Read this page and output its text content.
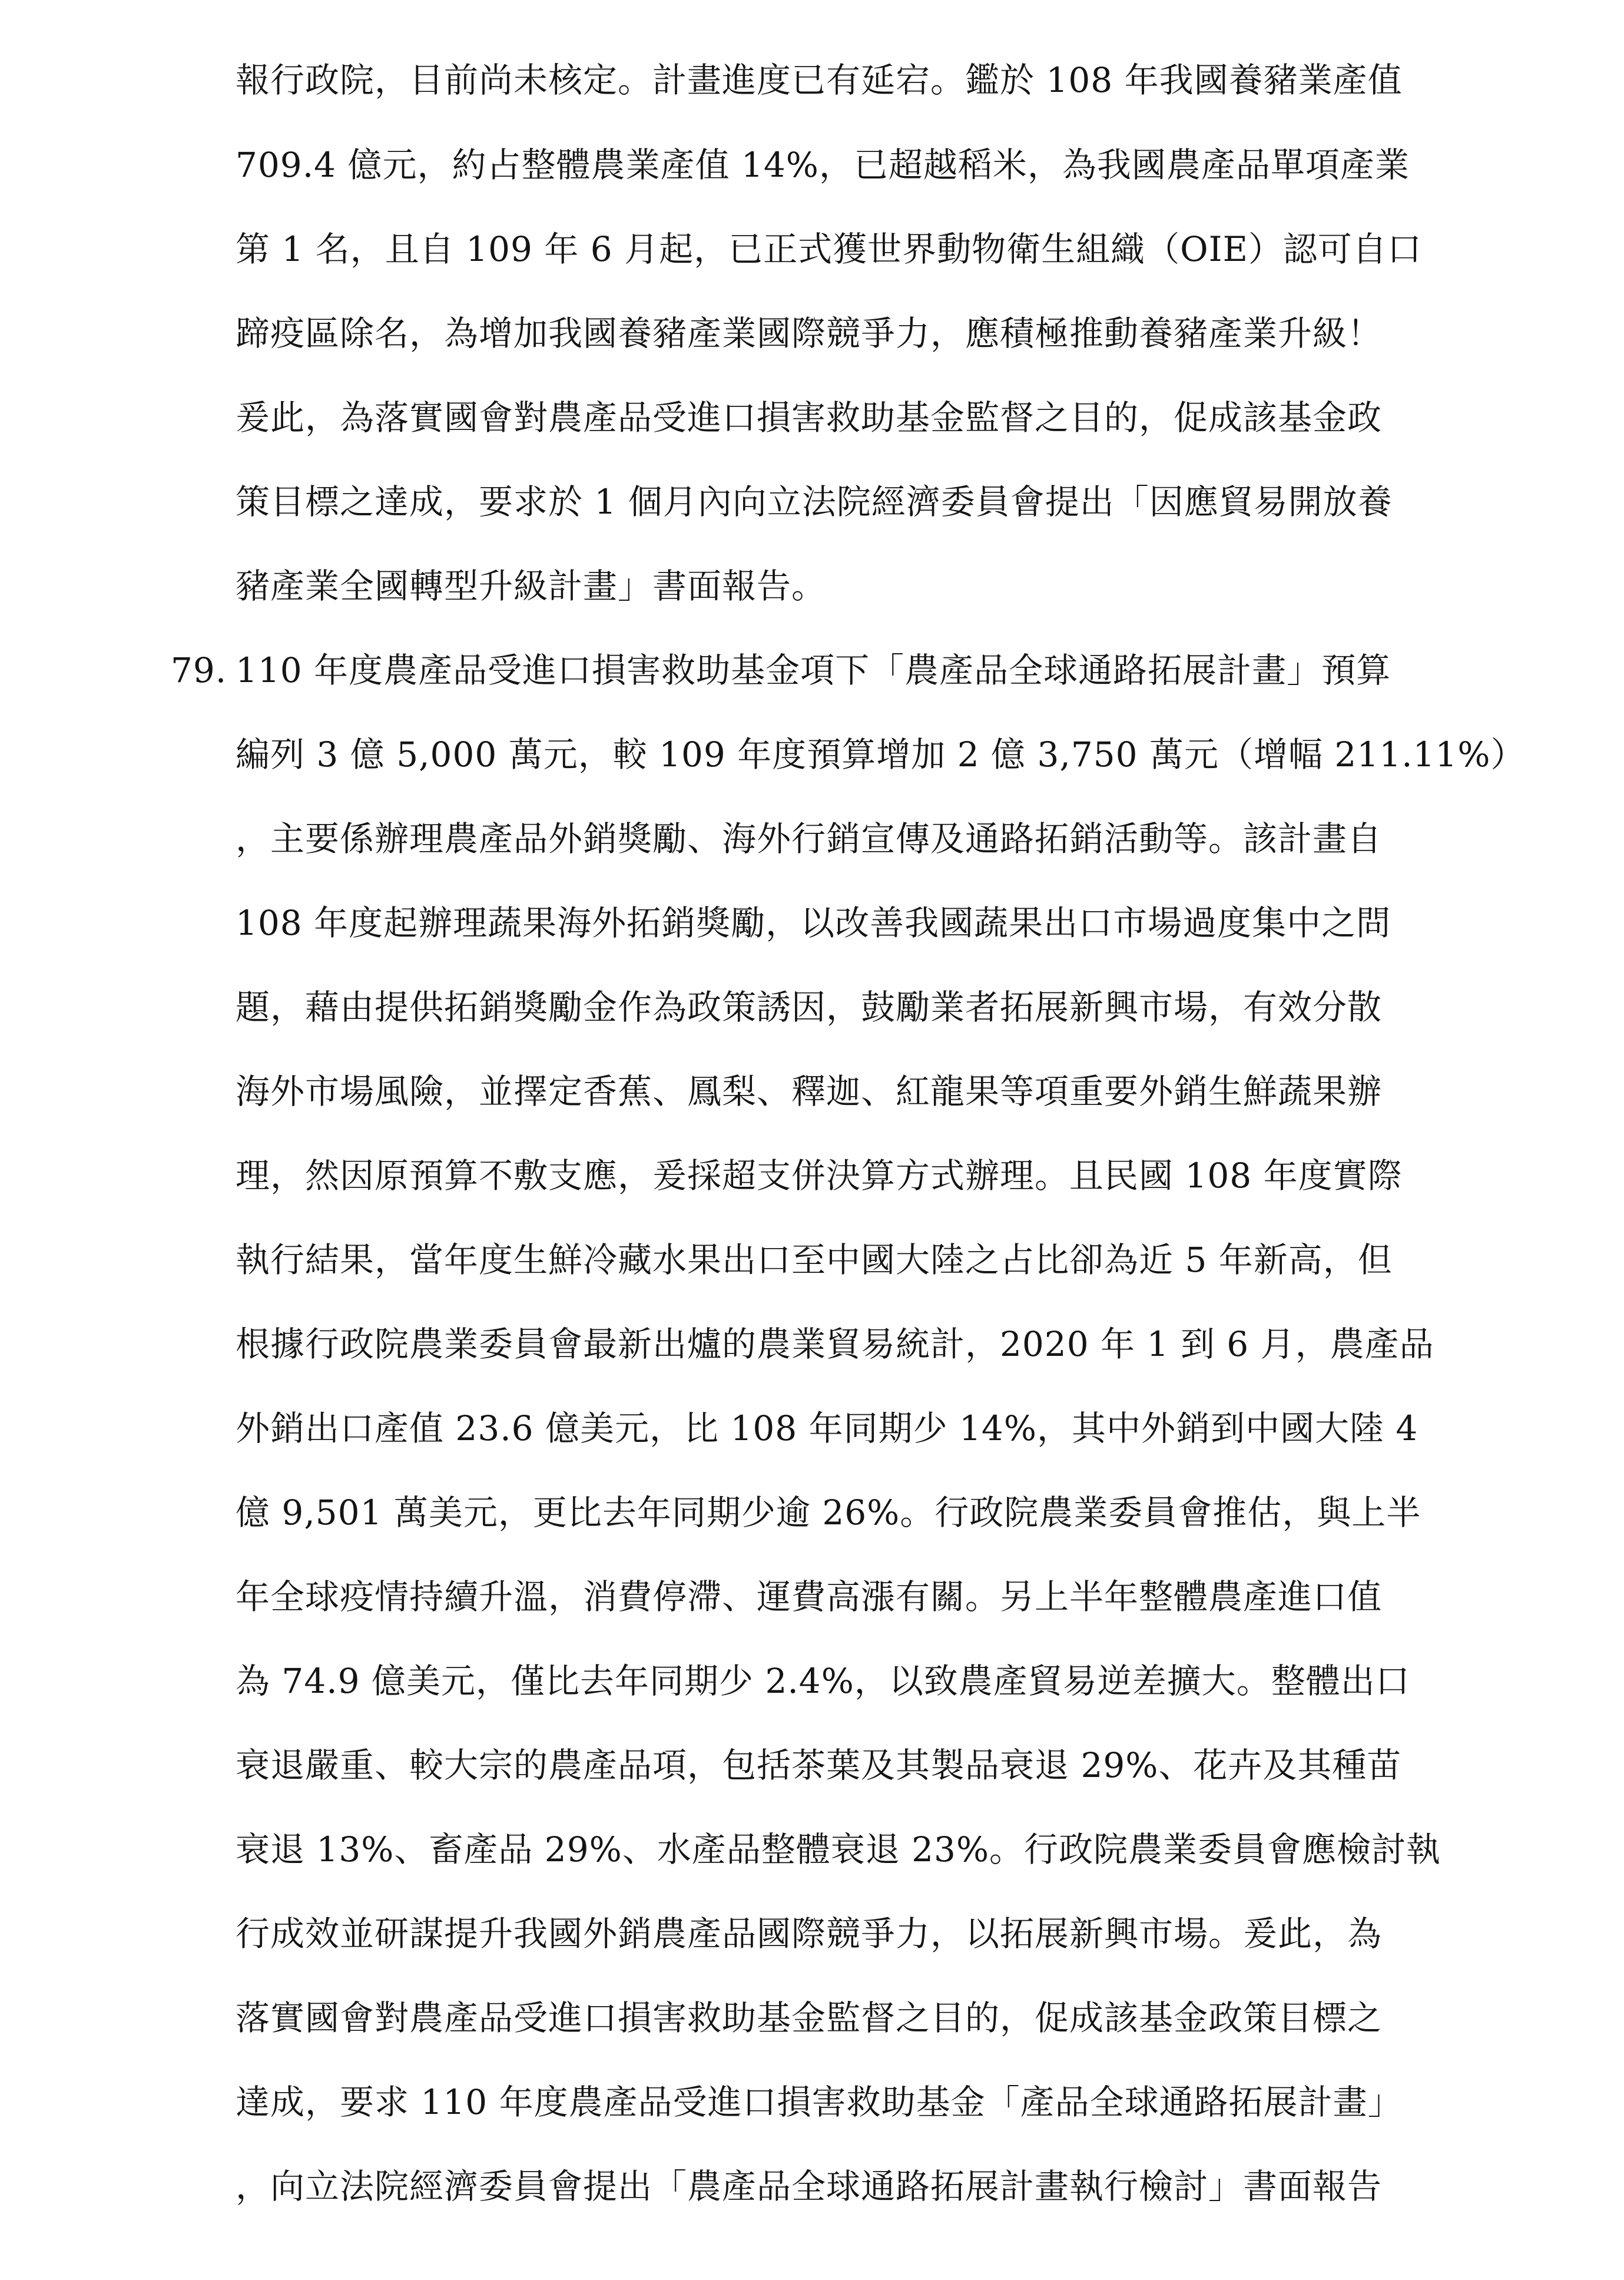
報行政院，目前尚未核定。計畫進度已有延宕。鑑於 108 年我國養豬業產值
709.4 億元，約占整體農業產值 14%，已超越稻米，為我國農產品單項產業
第 1 名，且自 109 年 6 月起，已正式獲世界動物衛生組織（OIE）認可自口
蹄疫區除名，為增加我國養豬產業國際競爭力，應積極推動養豬產業升級！
爰此，為落實國會對農產品受進口損害救助基金監督之目的，促成該基金政
策目標之達成，要求於 1 個月內向立法院經濟委員會提出「因應貿易開放養
豬產業全國轉型升級計畫」書面報告。
79. 110 年度農產品受進口損害救助基金項下「農產品全球通路拓展計畫」預算
編列 3 億 5,000 萬元，較 109 年度預算增加 2 億 3,750 萬元（增幅 211.11%）
，主要係辦理農產品外銷獎勵、海外行銷宣傳及通路拓銷活動等。該計畫自
108 年度起辦理蔬果海外拓銷獎勵，以改善我國蔬果出口市場過度集中之問
題，藉由提供拓銷獎勵金作為政策誘因，鼓勵業者拓展新興市場，有效分散
海外市場風險，並擇定香蕉、鳳梨、釋迦、紅龍果等項重要外銷生鮮蔬果辦
理，然因原預算不敷支應，爰採超支併決算方式辦理。且民國 108 年度實際
執行結果，當年度生鮮冷藏水果出口至中國大陸之占比卻為近 5 年新高，但
根據行政院農業委員會最新出爐的農業貿易統計，2020 年 1 到 6 月，農產品
外銷出口產值 23.6 億美元，比 108 年同期少 14%，其中外銷到中國大陸 4
億 9,501 萬美元，更比去年同期少逾 26%。行政院農業委員會推估，與上半
年全球疫情持續升溫，消費停滯、運費高漲有關。另上半年整體農產進口值
為 74.9 億美元，僅比去年同期少 2.4%，以致農產貿易逆差擴大。整體出口
衰退嚴重、較大宗的農產品項，包括茶葉及其製品衰退 29%、花卉及其種苗
衰退 13%、畜產品 29%、水產品整體衰退 23%。行政院農業委員會應檢討執
行成效並研謀提升我國外銷農產品國際競爭力，以拓展新興市場。爰此，為
落實國會對農產品受進口損害救助基金監督之目的，促成該基金政策目標之
達成，要求 110 年度農產品受進口損害救助基金「產品全球通路拓展計畫」
，向立法院經濟委員會提出「農產品全球通路拓展計畫執行檢討」書面報告
